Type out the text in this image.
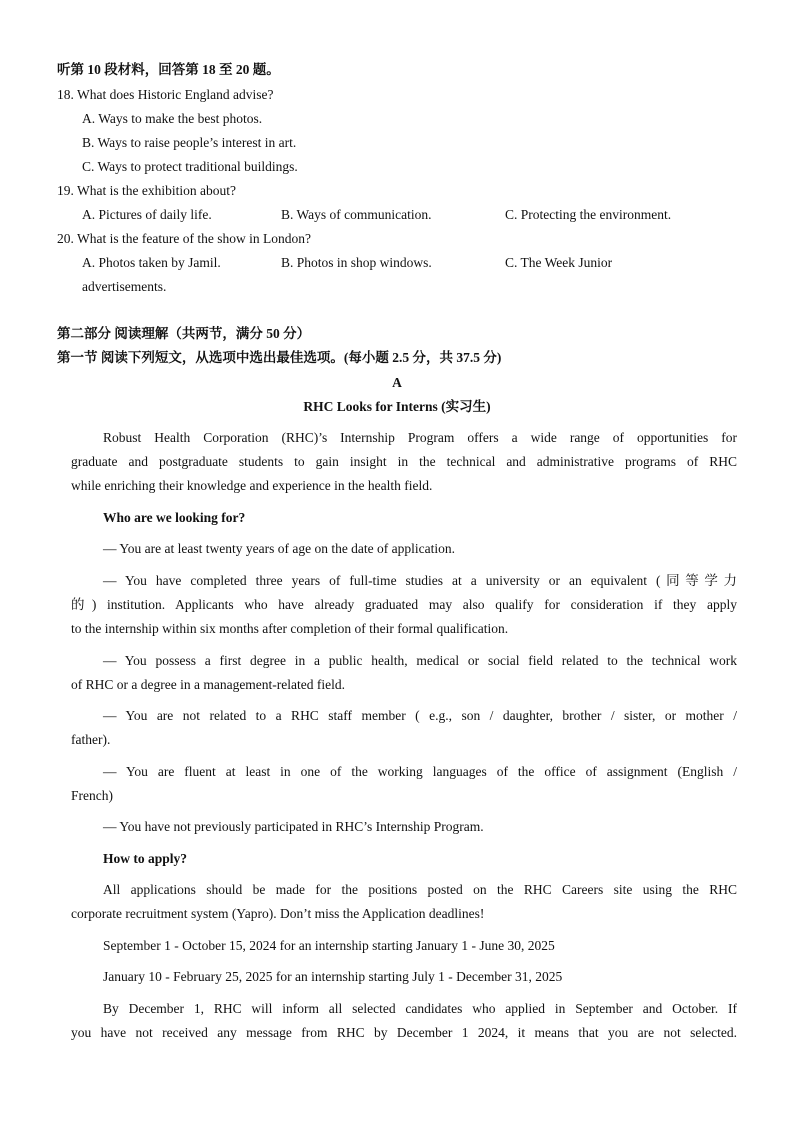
听第 10 段材料，回答第 18 至 20 题。
18. What does Historic England advise?
A. Ways to make the best photos.
B. Ways to raise people’s interest in art.
C. Ways to protect traditional buildings.
19. What is the exhibition about?
A. Pictures of daily life.	B. Ways of communication.	C. Protecting the environment.
20. What is the feature of the show in London?
A. Photos taken by Jamil.	B. Photos in shop windows.	C. The Week Junior
advertisements.
第二部分 阅读理解（共两节，满分 50 分）
第一节 阅读下列短文，从选项中选出最佳选项。(每小题 2.5 分，共 37.5 分)
A
RHC Looks for Interns (实习生)
Robust Health Corporation (RHC)’s Internship Program offers a wide range of opportunities for
graduate and postgraduate students to gain insight in the technical and administrative programs of RHC
while enriching their knowledge and experience in the health field.
Who are we looking for?
— You are at least twenty years of age on the date of application.
— You have completed three years of full-time studies at a university or an equivalent (同等学力
的) institution. Applicants who have already graduated may also qualify for consideration if they apply
to the internship within six months after completion of their formal qualification.
— You possess a first degree in a public health, medical or social field related to the technical work
of RHC or a degree in a management-related field.
— You are not related to a RHC staff member ( e.g., son / daughter, brother / sister, or mother /
father).
— You are fluent at least in one of the working languages of the office of assignment (English /
French)
— You have not previously participated in RHC’s Internship Program.
How to apply?
All applications should be made for the positions posted on the RHC Careers site using the RHC
corporate recruitment system (Yapro). Don’t miss the Application deadlines!
September 1 - October 15, 2024 for an internship starting January 1 - June 30, 2025
January 10 - February 25, 2025 for an internship starting July 1 - December 31, 2025
By December 1, RHC will inform all selected candidates who applied in September and October. If
you have not received any message from RHC by December 1 2024, it means that you are not selected.
